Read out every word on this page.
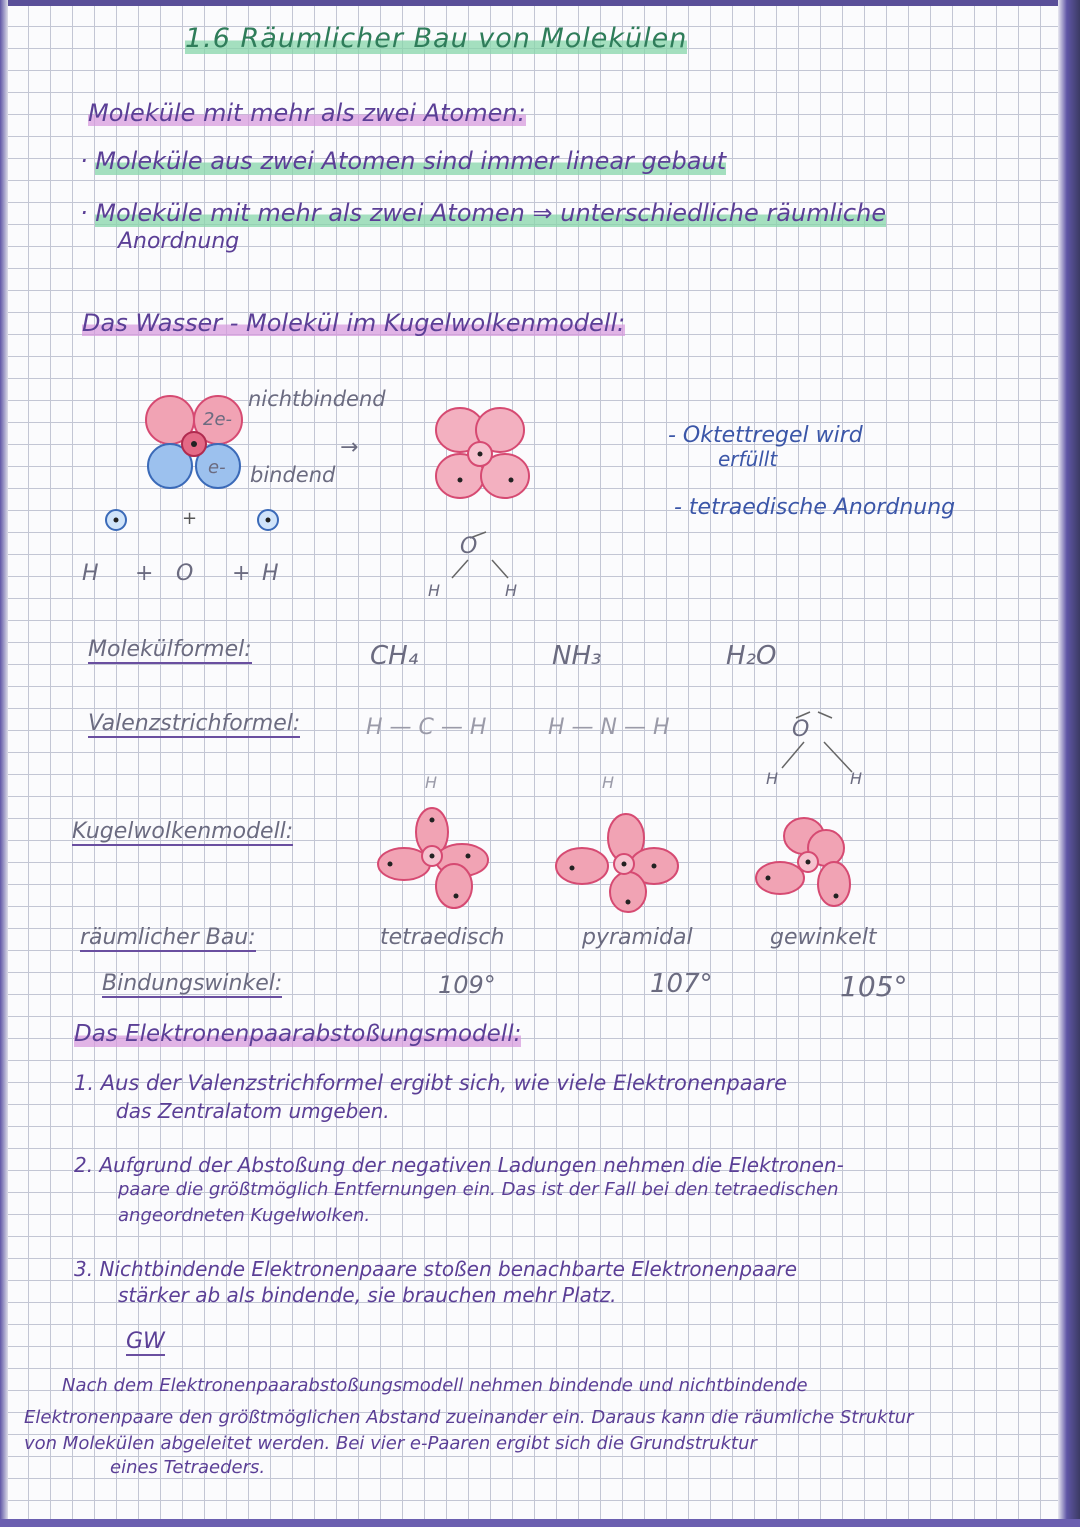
1.6 Räumlicher Bau von Molekülen
Moleküle mit mehr als zwei Atomen:
· Moleküle aus zwei Atomen sind immer linear gebaut
· Moleküle mit mehr als zwei Atomen ⇒ unterschiedliche räumliche
Anordnung
Das Wasser - Molekül im Kugelwolkenmodell:
+
2e-
e-
nichtbindend
bindend
→
H + O + H
O
H	H
- Oktettregel wird
erfüllt
- tetraedische Anordnung
Molekülformel:	CH₄	NH₃	H₂O
Valenzstrichformel:	H — C — H	H — N — H
H	H
O
H	H
Kugelwolkenmodell:
räumlicher Bau:	tetraedisch	pyramidal	gewinkelt
Bindungswinkel:	109°	107°	105°
Das Elektronenpaarabstoßungsmodell:
1. Aus der Valenzstrichformel ergibt sich, wie viele Elektronenpaare
das Zentralatom umgeben.
2. Aufgrund der Abstoßung der negativen Ladungen nehmen die Elektronen-
paare die größtmöglich Entfernungen ein. Das ist der Fall bei den tetraedischen
angeordneten Kugelwolken.
3. Nichtbindende Elektronenpaare stoßen benachbarte Elektronenpaare
stärker ab als bindende, sie brauchen mehr Platz.
GW
Nach dem Elektronenpaarabstoßungsmodell nehmen bindende und nichtbindende
Elektronenpaare den größtmöglichen Abstand zueinander ein. Daraus kann die räumliche Struktur
von Molekülen abgeleitet werden. Bei vier e-Paaren ergibt sich die Grundstruktur
eines Tetraeders.
